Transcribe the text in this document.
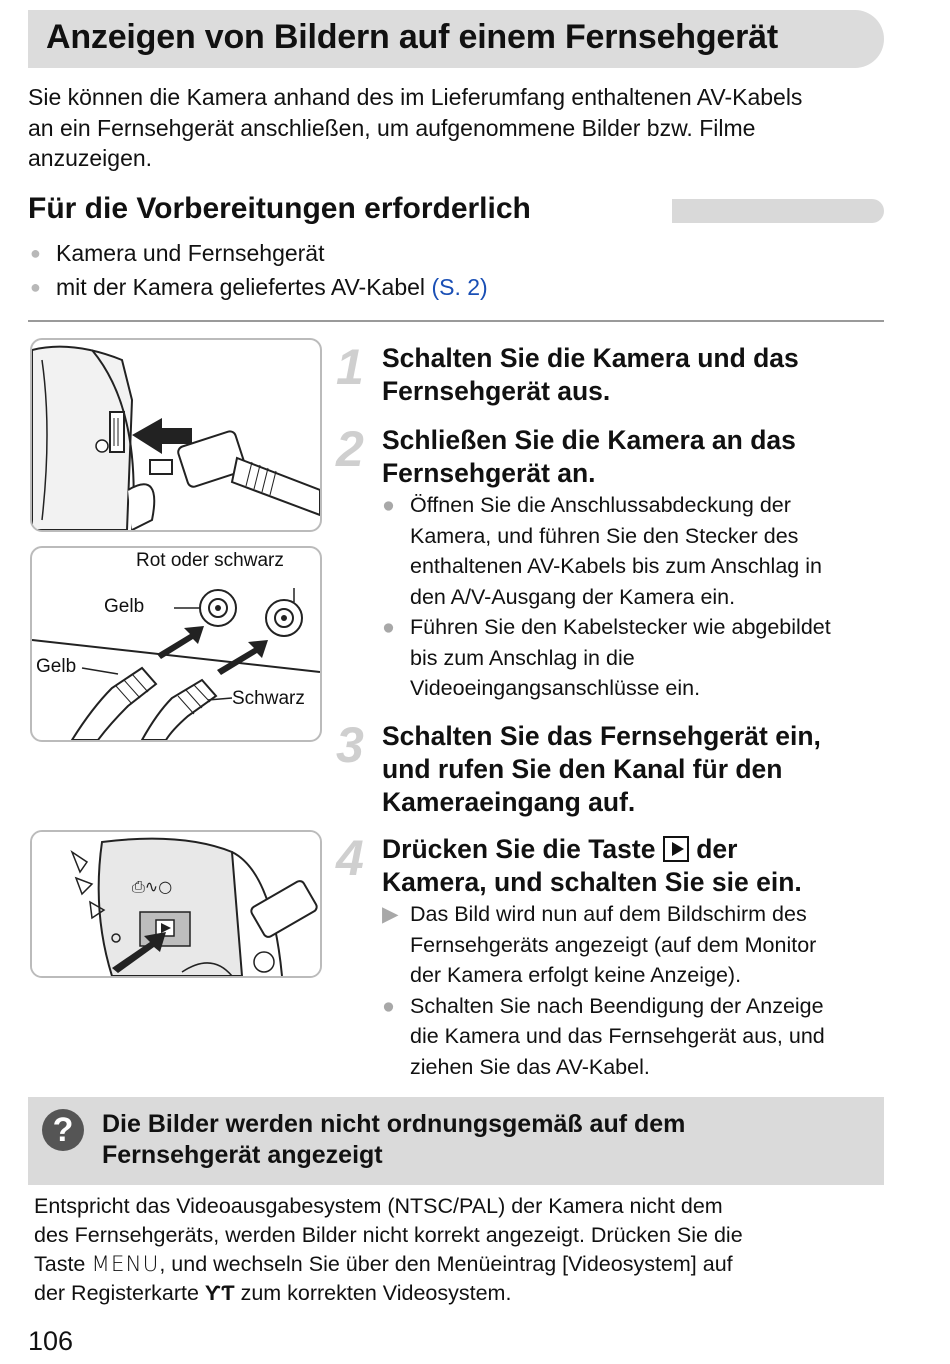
Anzeigen von Bildern auf einem Fernsehgerät

Sie können die Kamera anhand des im Lieferumfang enthaltenen AV-Kabels
an ein Fernsehgerät anschließen, um aufgenommene Bilder bzw. Filme
anzuzeigen.

Für die Vorbereitungen erforderlich
● Kamera und Fernsehgerät
● mit der Kamera geliefertes AV-Kabel (S. 2)
Rot oder schwarz
Gelb
Gelb
Schwarz
⎙∿○
1 Schalten Sie die Kamera und das
Fernsehgerät aus.

2 Schließen Sie die Kamera an das
Fernsehgerät an.

● Öffnen Sie die Anschlussabdeckung der
Kamera, und führen Sie den Stecker des
enthaltenen AV-Kabels bis zum Anschlag in
den A/V-Ausgang der Kamera ein.
● Führen Sie den Kabelstecker wie abgebildet
bis zum Anschlag in die
Videoeingangsanschlüsse ein.
3 Schalten Sie das Fernsehgerät ein,
und rufen Sie den Kanal für den
Kameraeingang auf.

4 Drücken Sie die Taste  der
Kamera, und schalten Sie sie ein.

▶ Das Bild wird nun auf dem Bildschirm des
Fernsehgeräts angezeigt (auf dem Monitor
der Kamera erfolgt keine Anzeige).
● Schalten Sie nach Beendigung der Anzeige
die Kamera und das Fernsehgerät aus, und
ziehen Sie das AV-Kabel.
?	Die Bilder werden nicht ordnungsgemäß auf dem
Fernsehgerät angezeigt

Entspricht das Videoausgabesystem (NTSC/PAL) der Kamera nicht dem
des Fernsehgeräts, werden Bilder nicht korrekt angezeigt. Drücken Sie die
Taste MENU, und wechseln Sie über den Menüeintrag [Videosystem] auf
der Registerkarte ƳƬ zum korrekten Videosystem.

106
